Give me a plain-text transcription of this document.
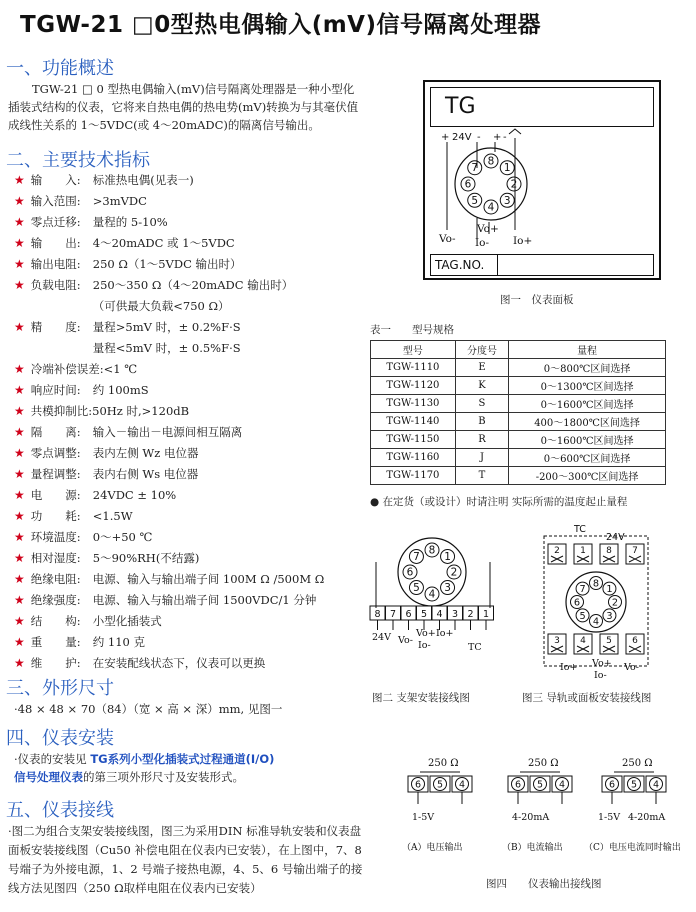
TGW-21 □0型热电偶输入(mV)信号隔离处理器
一、功能概述
TGW-21 □ 0 型热电偶输入(mV)信号隔离处理器是一种小型化插装式结构的仪表，它将来自热电偶的热电势(mV)转换为与其毫伏值成线性关系的 1～5VDC(或 4～20mADC)的隔离信号输出。
二、主要技术指标
★ 输　　入: 标准热电偶(见表一)
★ 输入范围: >3mVDC
★ 零点迁移: 量程的 5-10%
★ 输　　出: 4～20mADC 或 1～5VDC
★ 输出电阻: 250 Ω（1～5VDC 输出时）
★ 负载电阻: 250～350 Ω（4～20mADC 输出时）
（可供最大负载<750 Ω）
★ 精　　度: 量程>5mV 时，± 0.2%F·S
量程<5mV 时，± 0.5%F·S
★ 冷端补偿误差:<1 ℃
★ 响应时间: 约 100mS
★ 共模抑制比:50Hz 时,>120dB
★ 隔　　离: 输入－输出－电源间相互隔离
★ 零点调整: 表内左侧 Wz 电位器
★ 量程调整: 表内右侧 Ws 电位器
★ 电　　源: 24VDC ± 10%
★ 功　　耗: <1.5W
★ 环境温度: 0～+50 ℃
★ 相对湿度: 5～90%RH(不结露)
★ 绝缘电阻: 电源、输入与输出端子间 100M Ω /500M Ω
★ 绝缘强度: 电源、输入与输出端子间 1500VDC/1 分钟
★ 结　　构: 小型化插装式
★ 重　　量: 约 110 克
★ 维　　护: 在安装配线状态下，仪表可以更换
三、外形尺寸
·48 × 48 × 70（84）（宽 × 高 × 深）mm, 见图一
四、仪表安装
·仪表的安装见 TG系列小型化插装式过程通道(I/O)
信号处理仪表的第三项外形尺寸及安装形式。
五、仪表接线
·图二为组合支架安装接线图，图三为采用DIN 标准导轨安装和仪表盘面板安装接线图（Cu50 补偿电阻在仪表内已安装），在上图中，7、8 号端子为外接电源，1、2 号端子接热电源，4、5、6 号输出端子的接线方法见图四（250 Ω取样电阻在仪表内已安装）
TG
+ 24V - + -
8
1
2
3
4
5
6
7
Vo-
Vo+
Io- Io+
TAG.NO.
图一　仪表面板
表一　　型号规格
型号	分度号	量程
TGW-1110	E	0～800℃区间选择
TGW-1120	K	0～1300℃区间选择
TGW-1130	S	0～1600℃区间选择
TGW-1140	B	400～1800℃区间选择
TGW-1150	R	0～1600℃区间选择
TGW-1160	J	0～600℃区间选择
TGW-1170	T	-200～300℃区间选择
● 在定货（或设计）时请注明 实际所需的温度起止量程
8
1
2
3
4
5
6
7
8 7 6 5 4 3 2 1
24V Vo-
Vo+
Io-
Io+
TC
图二 支架安装接线图
TC
24V
2 1 8 7
3 4 5 6
8
1
2
3
4
5
6
7
Io+ Vo+
Io-
Vo-
图三 导轨或面板安装接线图
250 Ω
6 5 4
1-5V
（A）电压输出
250 Ω
6 5 4
4-20mA
（B）电流输出
250 Ω
6 5 4
1-5V 4-20mA
（C）电压电流同时输出
图四　　仪表输出接线图
